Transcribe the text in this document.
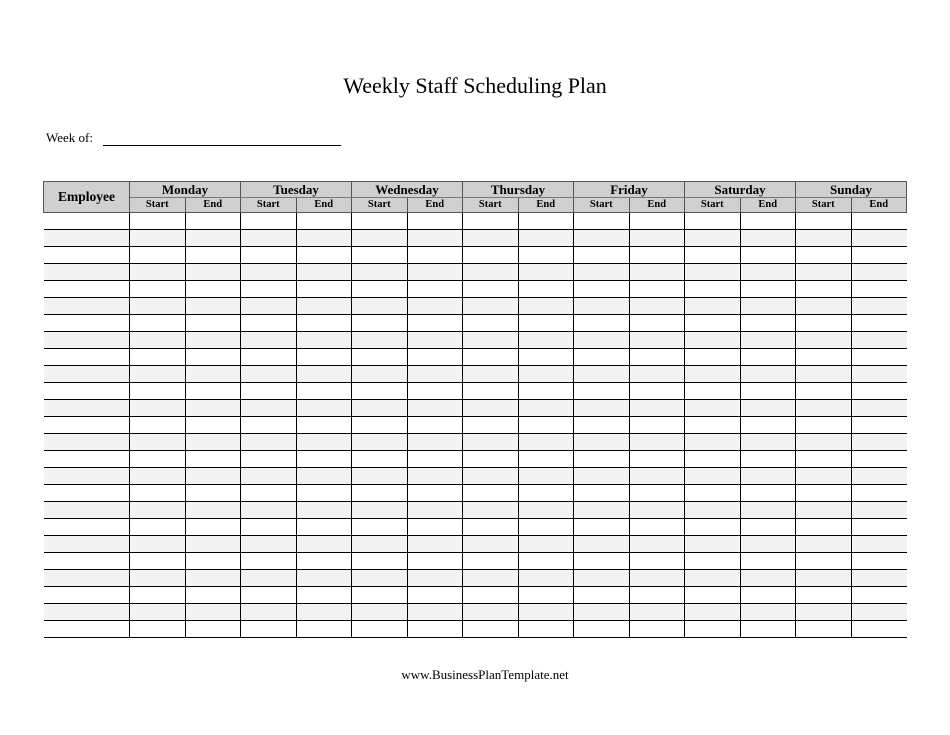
Weekly Staff Scheduling Plan
Week of:
Employee	Monday		Tuesday		Wednesday		Thursday		Friday		Saturday		Sunday	
	Start	End	Start	End	Start	End	Start	End	Start	End	Start	End	Start	End

www.BusinessPlanTemplate.net
